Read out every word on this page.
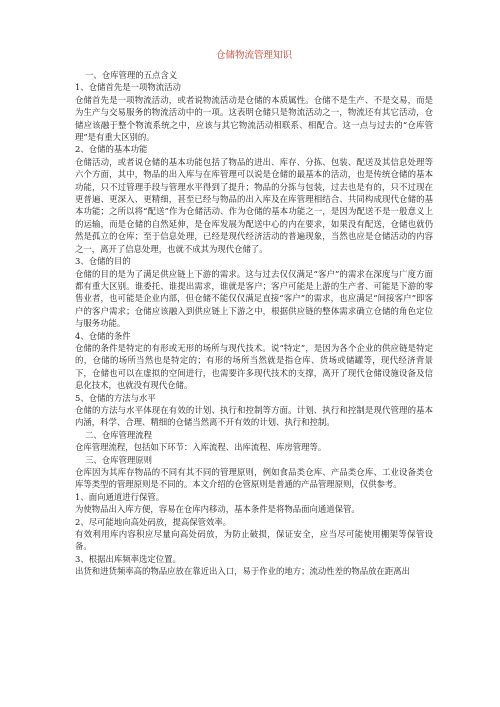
仓储物流管理知识
一、仓库管理的五点含义
1、仓储首先是一项物流活动
仓储首先是一项物流活动，或者说物流活动是仓储的本质属性。仓储不是生产、不是交易，而是为生产与交易服务的物流活动中的一项。这表明仓储只是物流活动之一，物流还有其它活动，仓储应该融于整个物流系统之中，应该与其它物流活动相联系、相配合。这一点与过去的“仓库管理”是有重大区别的。
2、仓储的基本功能
仓储活动，或者说仓储的基本功能包括了物品的进出、库存、分拣、包装、配送及其信息处理等六个方面，其中，物品的出入库与在库管理可以说是仓储的最基本的活动，也是传统仓储的基本功能，只不过管理手段与管理水平得到了提升；物品的分拣与包装，过去也是有的，只不过现在更普遍、更深入、更精细，甚至已经与物品的出入库及在库管理相结合、共同构成现代仓储的基本功能；之所以将“配送”作为仓储活动、作为仓储的基本功能之一，是因为配送不是一般意义上的运输，而是仓储的自然延伸，是仓库发展为配送中心的内在要求，如果没有配送，仓储也就仍然是孤立的仓库；至于信息处理，已经是现代经济活动的普遍现象，当然也应是仓储活动的内容之一，离开了信息处理，也就不成其为现代仓储了。
3、仓储的目的
仓储的目的是为了满足供应链上下游的需求。这与过去仅仅满足“客户”的需求在深度与广度方面都有重大区别。谁委托、谁提出需求，谁就是客户；客户可能是上游的生产者、可能是下游的零售业者，也可能是企业内部，但仓储不能仅仅满足直接“客户”的需求，也应满足“间接客户”即客户的客户需求；仓储应该融入到供应链上下游之中，根据供应链的整体需求确立仓储的角色定位与服务功能。
4、仓储的条件
仓储的条件是特定的有形或无形的场所与现代技术。说“特定”，是因为各个企业的供应链是特定的，仓储的场所当然也是特定的；有形的场所当然就是指仓库、货场或储罐等，现代经济背景下，仓储也可以在虚拟的空间进行，也需要许多现代技术的支撑，离开了现代仓储设施设备及信息化技术，也就没有现代仓储。
5、仓储的方法与水平
仓储的方法与水平体现在有效的计划、执行和控制等方面。计划、执行和控制是现代管理的基本内涵，科学、合理、精细的仓储当然离不开有效的计划、执行和控制。
二、仓库管理流程
仓库管理流程，包括如下环节：入库流程、出库流程、库房管理等。
三、仓库管理原则
仓库因为其库存物品的不同有其不同的管理原则，例如食品类仓库、产品类仓库、工业设备类仓库等类型的管理原则是不同的。本文介绍的仓管原则是普通的产品管理原则，仅供参考。
1、面向通道进行保管。
为使物品出入库方便，容易在仓库内移动，基本条件是将物品面向通道保管。
2、尽可能地向高处码放，提高保管效率。
有效利用库内容积应尽量向高处码放，为防止破损，保证安全，应当尽可能使用棚架等保管设备。
3、根据出库频率选定位置。
出货和进货频率高的物品应放在靠近出入口，易于作业的地方；流动性差的物品放在距离出
